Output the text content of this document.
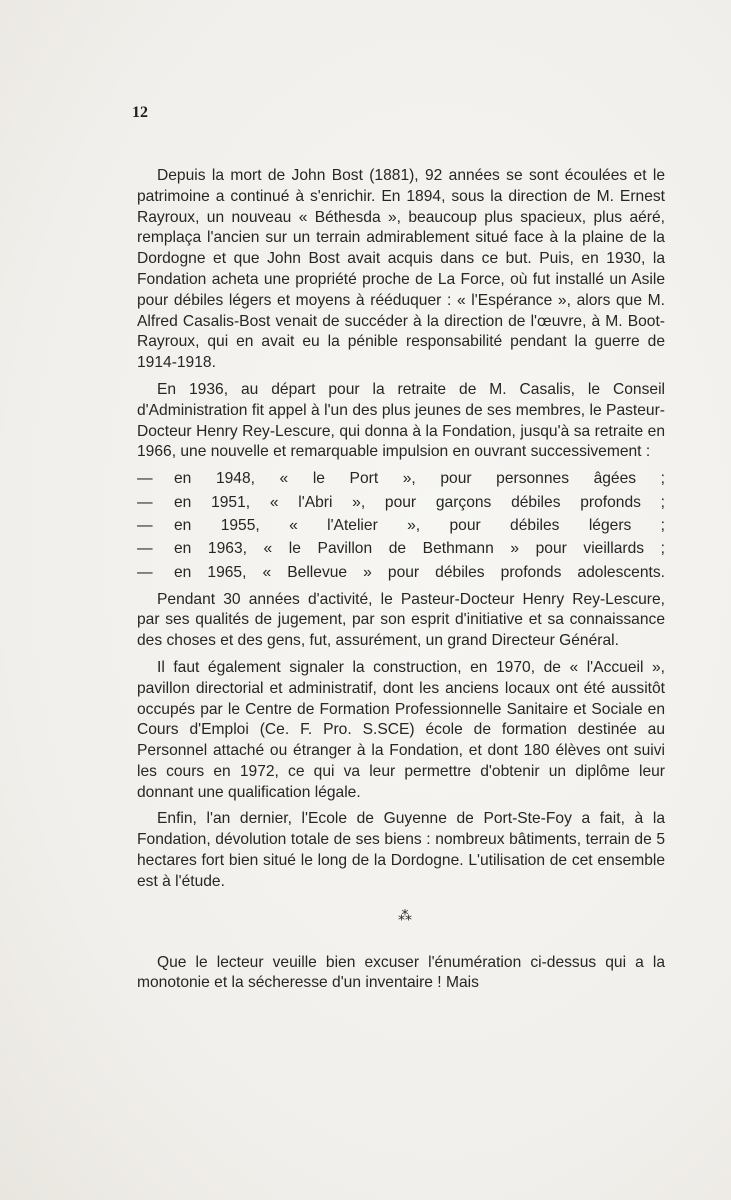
12

Depuis la mort de John Bost (1881), 92 années se sont écoulées et le patrimoine a continué à s'enrichir. En 1894, sous la direction de M. Ernest Rayroux, un nouveau « Béthesda », beaucoup plus spacieux, plus aéré, remplaça l'ancien sur un terrain admirablement situé face à la plaine de la Dordogne et que John Bost avait acquis dans ce but. Puis, en 1930, la Fondation acheta une propriété proche de La Force, où fut installé un Asile pour débiles légers et moyens à rééduquer : « l'Espérance », alors que M. Alfred Casalis-Bost venait de succéder à la direction de l'œuvre, à M. Boot-Rayroux, qui en avait eu la pénible responsabilité pendant la guerre de 1914-1918.

En 1936, au départ pour la retraite de M. Casalis, le Conseil d'Administration fit appel à l'un des plus jeunes de ses membres, le Pasteur-Docteur Henry Rey-Lescure, qui donna à la Fondation, jusqu'à sa retraite en 1966, une nouvelle et remarquable impulsion en ouvrant successivement :

—	en 1948, « le Port », pour personnes âgées ;
—	en 1951, « l'Abri », pour garçons débiles profonds ;
—	en 1955, « l'Atelier », pour débiles légers ;
—	en 1963, « le Pavillon de Bethmann » pour vieillards ;
—	en 1965, « Bellevue » pour débiles profonds adolescents.

Pendant 30 années d'activité, le Pasteur-Docteur Henry Rey-Lescure, par ses qualités de jugement, par son esprit d'initiative et sa connaissance des choses et des gens, fut, assurément, un grand Directeur Général.

Il faut également signaler la construction, en 1970, de « l'Accueil », pavillon directorial et administratif, dont les anciens locaux ont été aussitôt occupés par le Centre de Formation Professionnelle Sanitaire et Sociale en Cours d'Emploi (Ce. F. Pro. S.SCE) école de formation destinée au Personnel attaché ou étranger à la Fondation, et dont 180 élèves ont suivi les cours en 1972, ce qui va leur permettre d'obtenir un diplôme leur donnant une qualification légale.

Enfin, l'an dernier, l'Ecole de Guyenne de Port-Ste-Foy a fait, à la Fondation, dévolution totale de ses biens : nombreux bâtiments, terrain de 5 hectares fort bien situé le long de la Dordogne. L'utilisation de cet ensemble est à l'étude.

⁂

Que le lecteur veuille bien excuser l'énumération ci-dessus qui a la monotonie et la sécheresse d'un inventaire ! Mais
